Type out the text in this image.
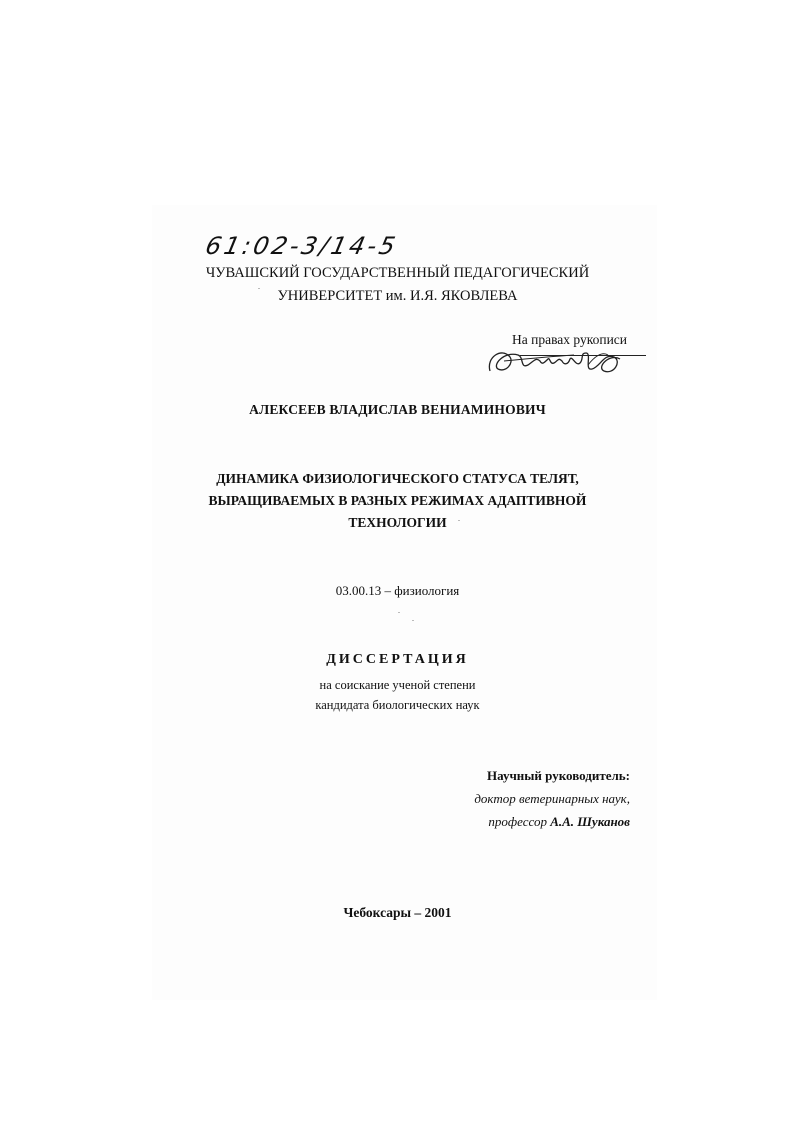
61:02-3/14-5
ЧУВАШСКИЙ ГОСУДАРСТВЕННЫЙ ПЕДАГОГИЧЕСКИЙ
УНИВЕРСИТЕТ им. И.Я. ЯКОВЛЕВА
На правах рукописи
АЛЕКСЕЕВ ВЛАДИСЛАВ ВЕНИАМИНОВИЧ
ДИНАМИКА ФИЗИОЛОГИЧЕСКОГО СТАТУСА ТЕЛЯТ,
ВЫРАЩИВАЕМЫХ В РАЗНЫХ РЕЖИМАХ АДАПТИВНОЙ
ТЕХНОЛОГИИ
03.00.13 – физиология
ДИССЕРТАЦИЯ
на соискание ученой степени
кандидата биологических наук
Научный руководитель:
доктор ветеринарных наук,
профессор А.А. Шуканов
Чебоксары – 2001
